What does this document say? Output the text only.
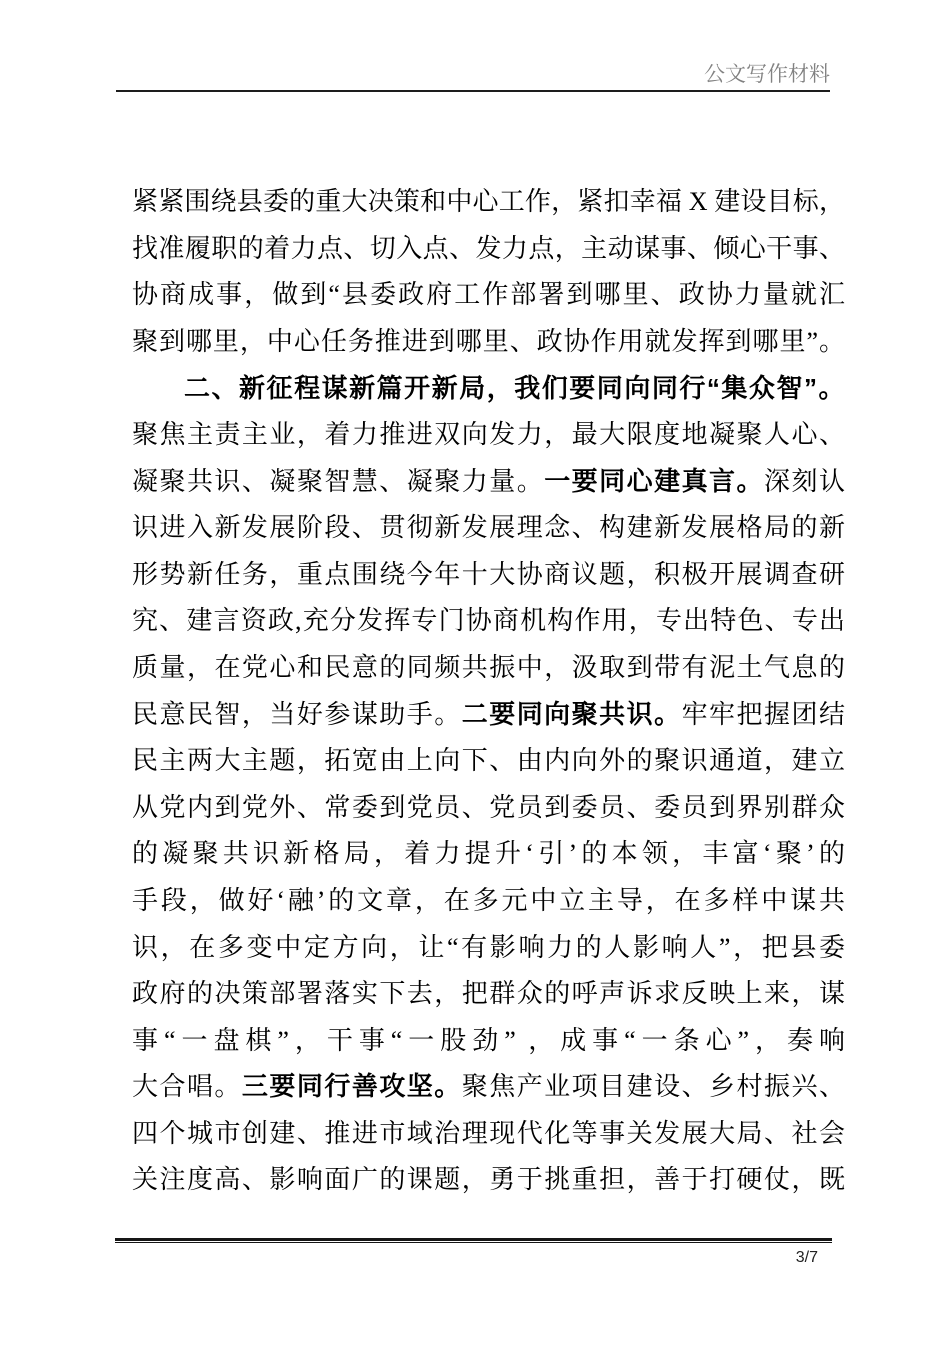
公文写作材料
紧紧围绕县委的重大决策和中心工作，紧扣幸福 X 建设目标，
找准履职的着力点、切入点、发力点，主动谋事、倾心干事、
协商成事，做到“县委政府工作部署到哪里、政协力量就汇
聚到哪里，中心任务推进到哪里、政协作用就发挥到哪里”。
二、新征程谋新篇开新局，我们要同向同行“集众智”。
聚焦主责主业，着力推进双向发力，最大限度地凝聚人心、
凝聚共识、凝聚智慧、凝聚力量。一要同心建真言。深刻认
识进入新发展阶段、贯彻新发展理念、构建新发展格局的新
形势新任务，重点围绕今年十大协商议题，积极开展调查研
究、建言资政,充分发挥专门协商机构作用，专出特色、专出
质量，在党心和民意的同频共振中，汲取到带有泥土气息的
民意民智，当好参谋助手。二要同向聚共识。牢牢把握团结
民主两大主题，拓宽由上向下、由内向外的聚识通道，建立
从党内到党外、常委到党员、党员到委员、委员到界别群众
的凝聚共识新格局，着力提升‘引’的本领，丰富‘聚’的
手段，做好‘融’的文章，在多元中立主导，在多样中谋共
识，在多变中定方向，让“有影响力的人影响人”，把县委
政府的决策部署落实下去，把群众的呼声诉求反映上来，谋
事“一盘棋”，干事“一股劲” ，成事“一条心”，奏响
大合唱。三要同行善攻坚。聚焦产业项目建设、乡村振兴、
四个城市创建、推进市域治理现代化等事关发展大局、社会
关注度高、影响面广的课题，勇于挑重担，善于打硬仗，既
3/7
